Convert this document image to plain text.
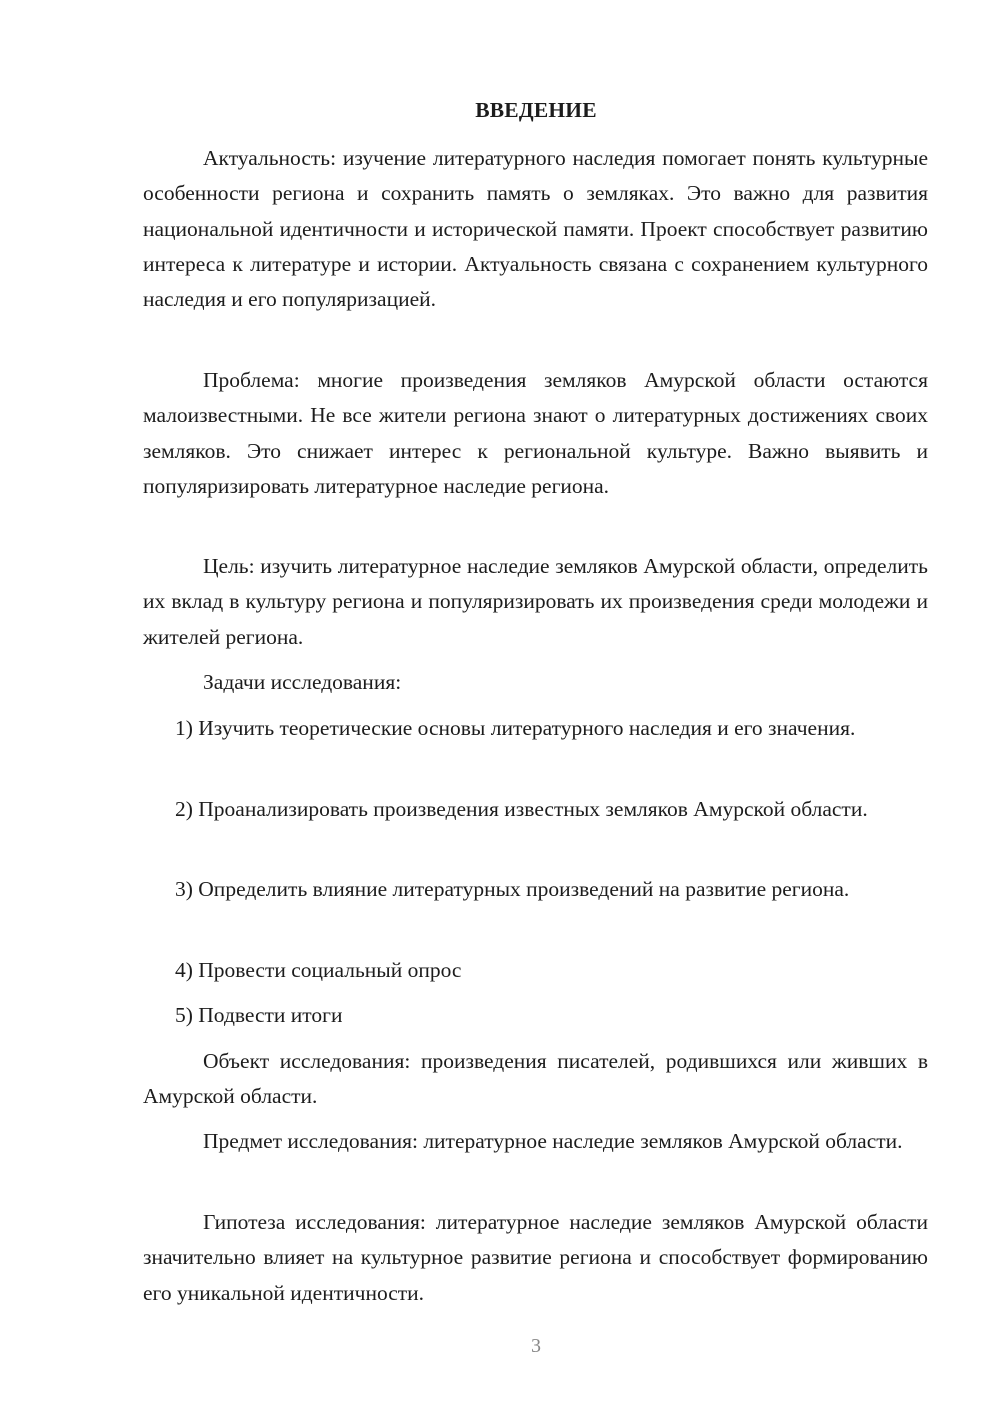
ВВЕДЕНИЕ

Актуальность: изучение литературного наследия помогает понять культурные особенности региона и сохранить память о земляках. Это важно для развития национальной идентичности и исторической памяти. Проект способствует развитию интереса к литературе и истории. Актуальность связана с сохранением культурного наследия и его популяризацией.

Проблема: многие произведения земляков Амурской области остаются малоизвестными. Не все жители региона знают о литературных достижениях своих земляков. Это снижает интерес к региональной культуре. Важно выявить и популяризировать литературное наследие региона.

Цель: изучить литературное наследие земляков Амурской области, определить их вклад в культуру региона и популяризировать их произведения среди молодежи и жителей региона.

Задачи исследования:

1) Изучить теоретические основы литературного наследия и его значения.

2) Проанализировать произведения известных земляков Амурской области.

3) Определить влияние литературных произведений на развитие региона.

4) Провести социальный опрос

5) Подвести итоги

Объект исследования: произведения писателей, родившихся или живших в Амурской области.

Предмет исследования: литературное наследие земляков Амурской области.

Гипотеза исследования: литературное наследие земляков Амурской области значительно влияет на культурное развитие региона и способствует формированию его уникальной идентичности.

3
